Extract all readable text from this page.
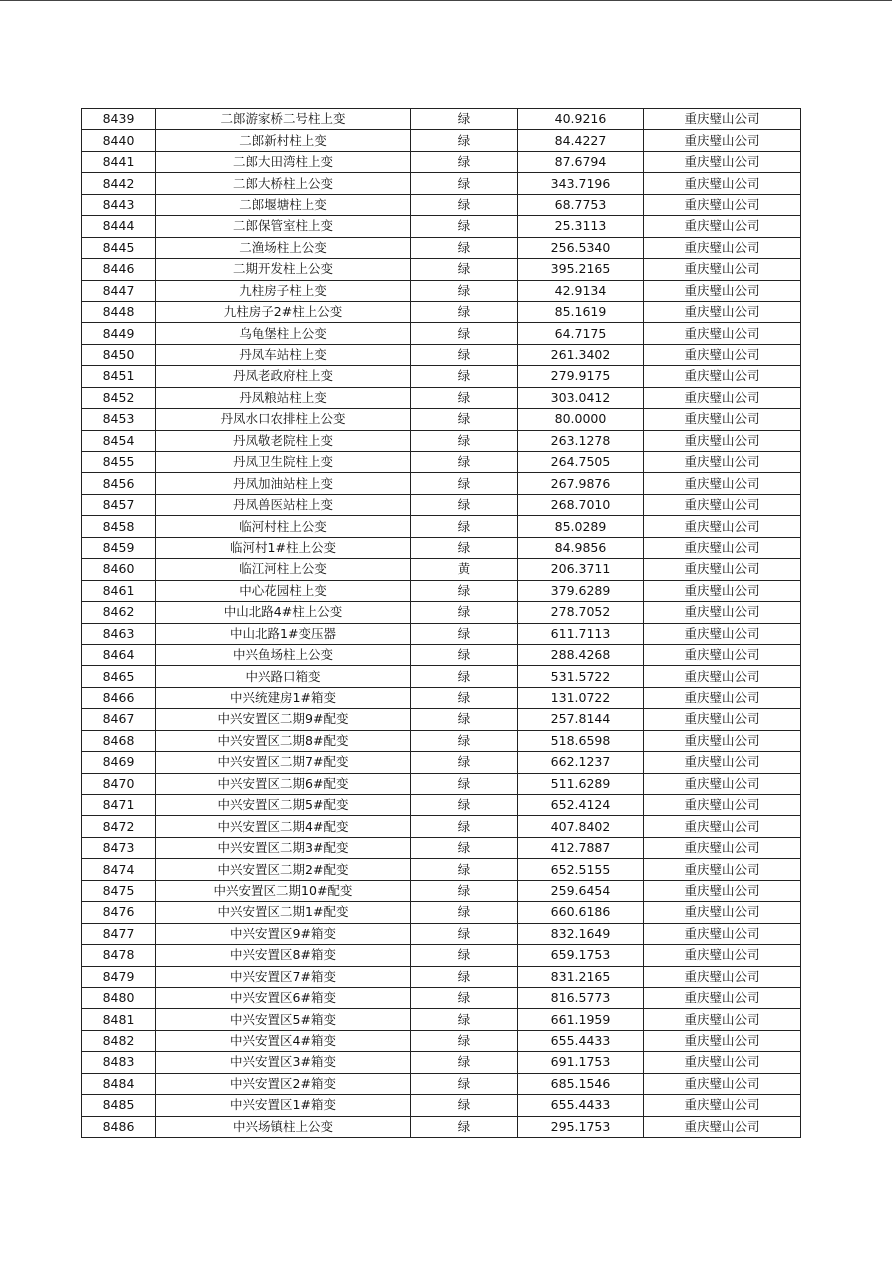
8439	二郎游家桥二号柱上变	绿	40.9216	重庆璧山公司
8440	二郎新村柱上变	绿	84.4227	重庆璧山公司
8441	二郎大田湾柱上变	绿	87.6794	重庆璧山公司
8442	二郎大桥柱上公变	绿	343.7196	重庆璧山公司
8443	二郎堰塘柱上变	绿	68.7753	重庆璧山公司
8444	二郎保管室柱上变	绿	25.3113	重庆璧山公司
8445	二渔场柱上公变	绿	256.5340	重庆璧山公司
8446	二期开发柱上公变	绿	395.2165	重庆璧山公司
8447	九柱房子柱上变	绿	42.9134	重庆璧山公司
8448	九柱房子2#柱上公变	绿	85.1619	重庆璧山公司
8449	乌龟堡柱上公变	绿	64.7175	重庆璧山公司
8450	丹凤车站柱上变	绿	261.3402	重庆璧山公司
8451	丹凤老政府柱上变	绿	279.9175	重庆璧山公司
8452	丹凤粮站柱上变	绿	303.0412	重庆璧山公司
8453	丹凤水口农排柱上公变	绿	80.0000	重庆璧山公司
8454	丹凤敬老院柱上变	绿	263.1278	重庆璧山公司
8455	丹凤卫生院柱上变	绿	264.7505	重庆璧山公司
8456	丹凤加油站柱上变	绿	267.9876	重庆璧山公司
8457	丹凤兽医站柱上变	绿	268.7010	重庆璧山公司
8458	临河村柱上公变	绿	85.0289	重庆璧山公司
8459	临河村1#柱上公变	绿	84.9856	重庆璧山公司
8460	临江河柱上公变	黄	206.3711	重庆璧山公司
8461	中心花园柱上变	绿	379.6289	重庆璧山公司
8462	中山北路4#柱上公变	绿	278.7052	重庆璧山公司
8463	中山北路1#变压器	绿	611.7113	重庆璧山公司
8464	中兴鱼场柱上公变	绿	288.4268	重庆璧山公司
8465	中兴路口箱变	绿	531.5722	重庆璧山公司
8466	中兴统建房1#箱变	绿	131.0722	重庆璧山公司
8467	中兴安置区二期9#配变	绿	257.8144	重庆璧山公司
8468	中兴安置区二期8#配变	绿	518.6598	重庆璧山公司
8469	中兴安置区二期7#配变	绿	662.1237	重庆璧山公司
8470	中兴安置区二期6#配变	绿	511.6289	重庆璧山公司
8471	中兴安置区二期5#配变	绿	652.4124	重庆璧山公司
8472	中兴安置区二期4#配变	绿	407.8402	重庆璧山公司
8473	中兴安置区二期3#配变	绿	412.7887	重庆璧山公司
8474	中兴安置区二期2#配变	绿	652.5155	重庆璧山公司
8475	中兴安置区二期10#配变	绿	259.6454	重庆璧山公司
8476	中兴安置区二期1#配变	绿	660.6186	重庆璧山公司
8477	中兴安置区9#箱变	绿	832.1649	重庆璧山公司
8478	中兴安置区8#箱变	绿	659.1753	重庆璧山公司
8479	中兴安置区7#箱变	绿	831.2165	重庆璧山公司
8480	中兴安置区6#箱变	绿	816.5773	重庆璧山公司
8481	中兴安置区5#箱变	绿	661.1959	重庆璧山公司
8482	中兴安置区4#箱变	绿	655.4433	重庆璧山公司
8483	中兴安置区3#箱变	绿	691.1753	重庆璧山公司
8484	中兴安置区2#箱变	绿	685.1546	重庆璧山公司
8485	中兴安置区1#箱变	绿	655.4433	重庆璧山公司
8486	中兴场镇柱上公变	绿	295.1753	重庆璧山公司
